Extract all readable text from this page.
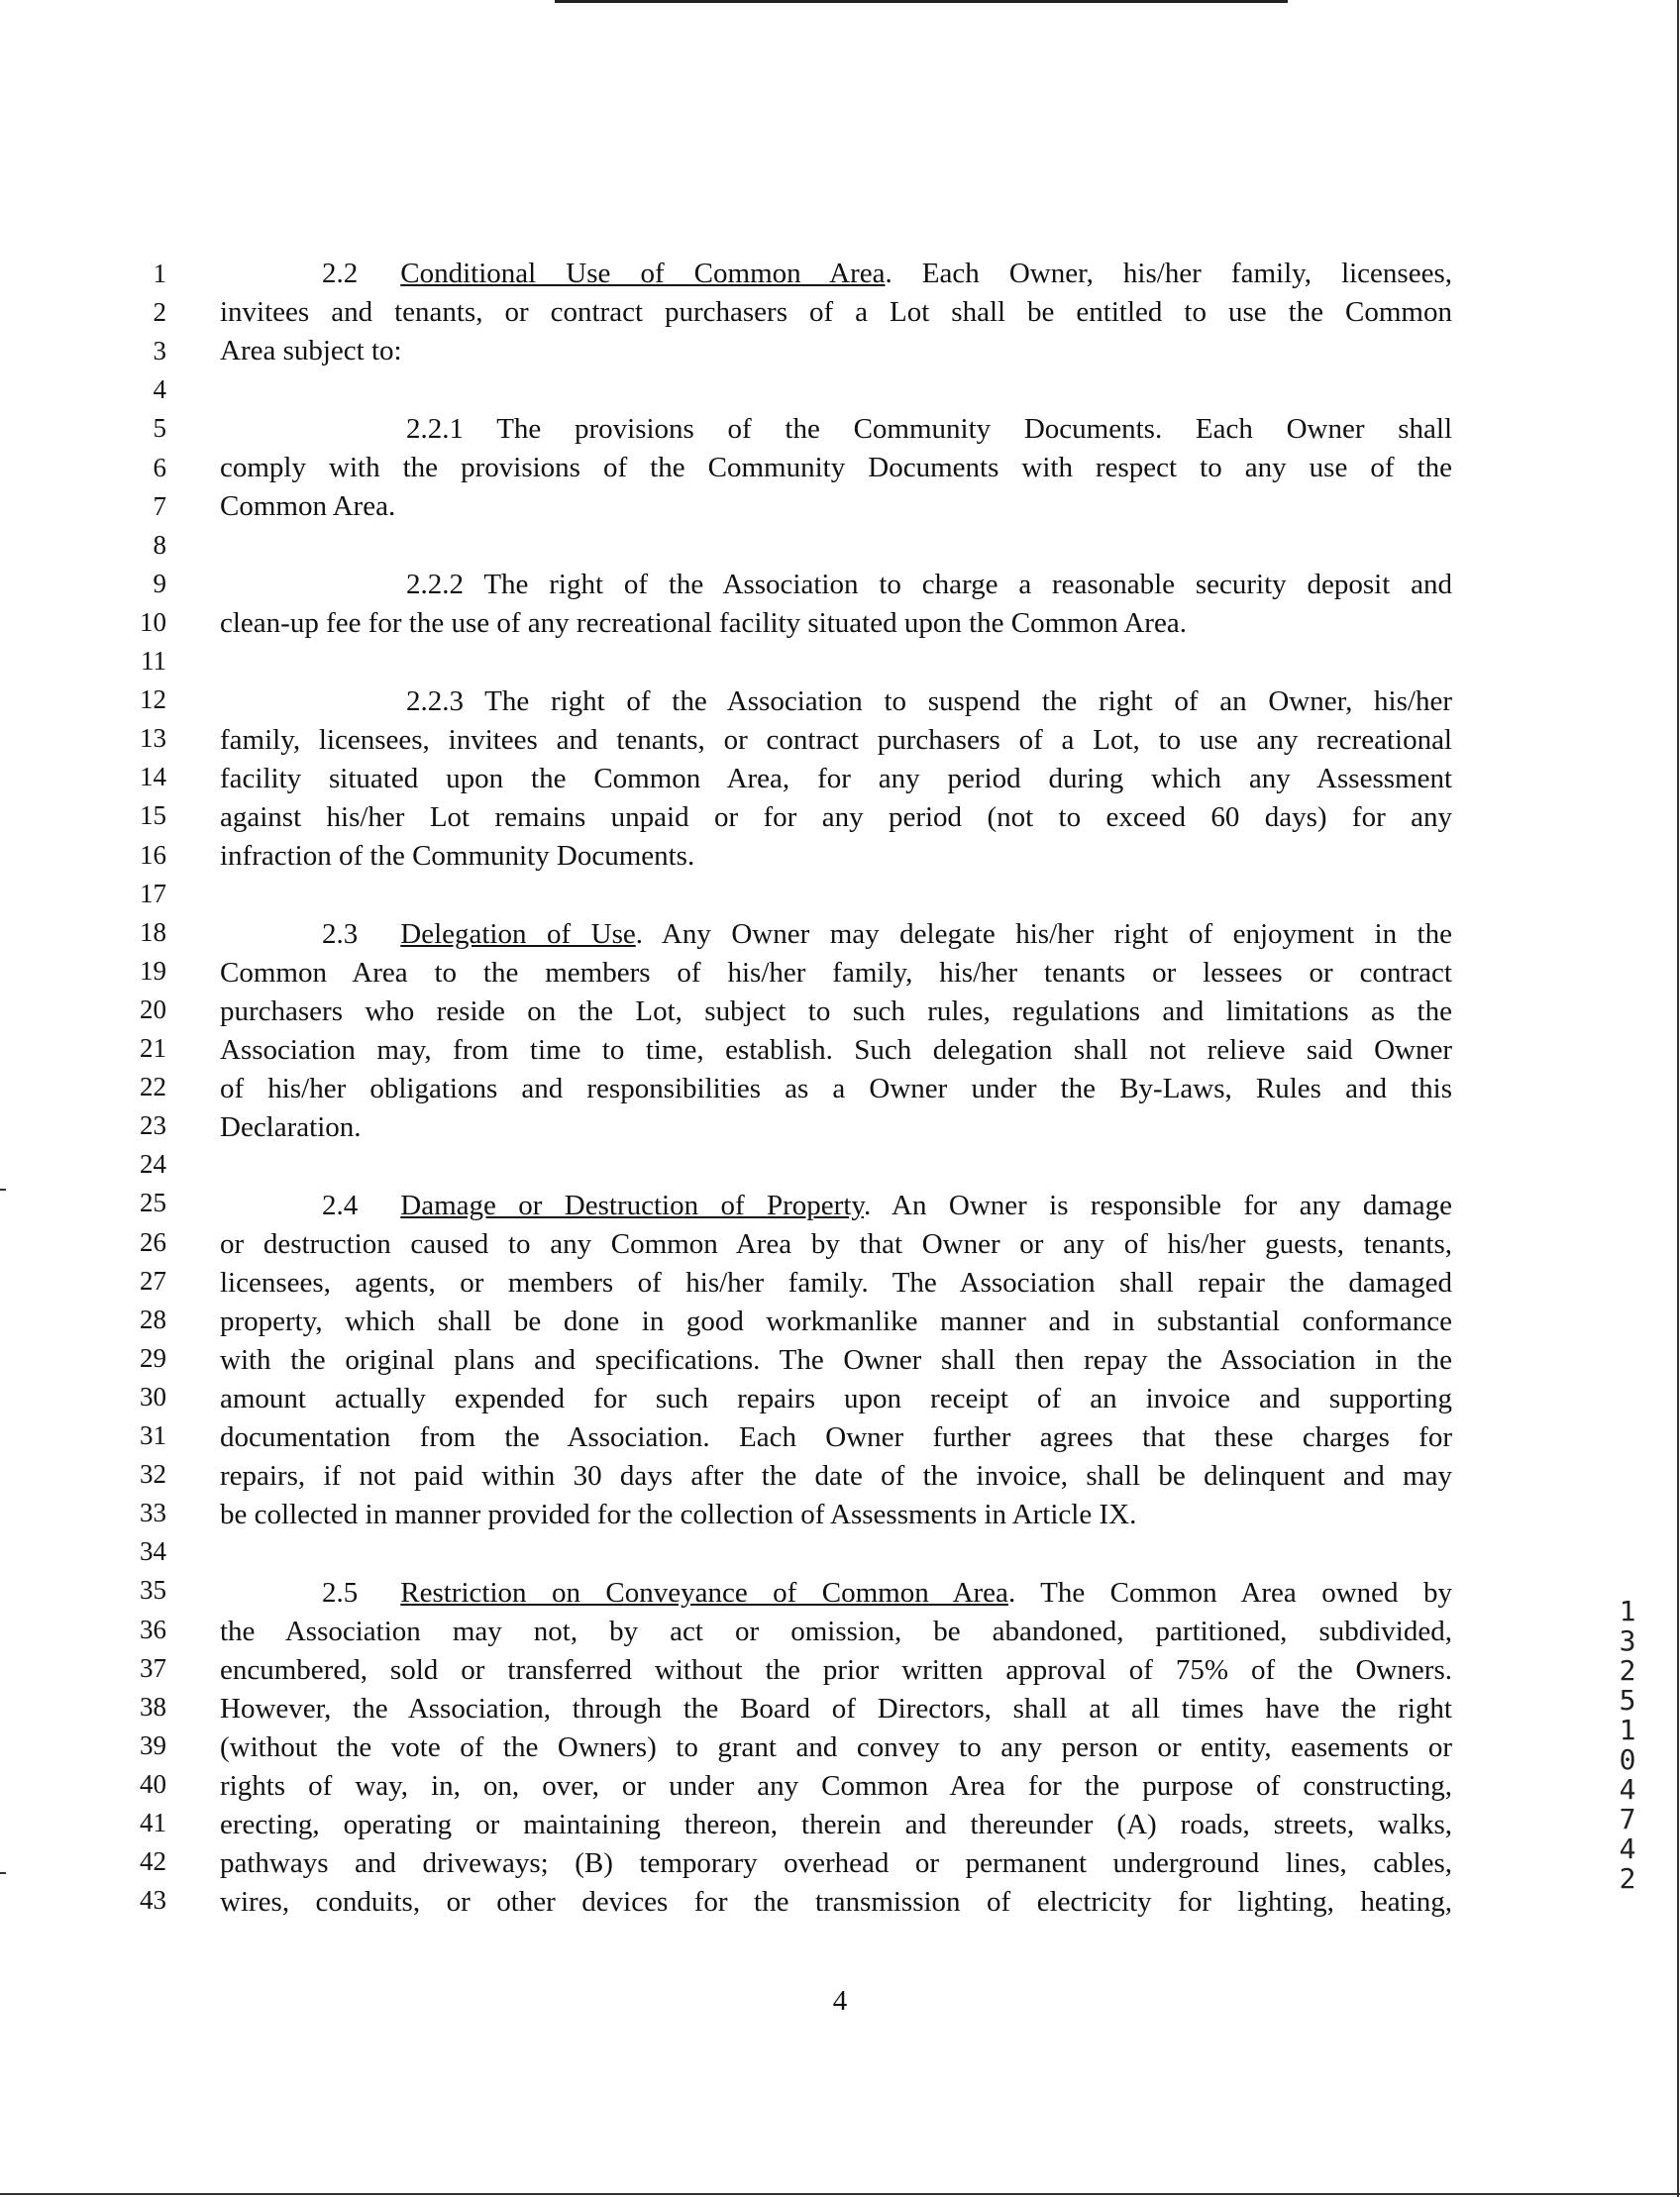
1
2
3
4
5
6
7
8
9
10
11
12
13
14
15
16
17
18
19
20
21
22
23
24
25
26
27
28
29
30
31
32
33
34
35
36
37
38
39
40
41
42
43
2.2 Conditional Use of Common Area. Each Owner, his/her family, licensees,
invitees and tenants, or contract purchasers of a Lot shall be entitled to use the Common
Area subject to:
2.2.1 The provisions of the Community Documents. Each Owner shall
comply with the provisions of the Community Documents with respect to any use of the
Common Area.
2.2.2 The right of the Association to charge a reasonable security deposit and
clean-up fee for the use of any recreational facility situated upon the Common Area.
2.2.3 The right of the Association to suspend the right of an Owner, his/her
family, licensees, invitees and tenants, or contract purchasers of a Lot, to use any recreational
facility situated upon the Common Area, for any period during which any Assessment
against his/her Lot remains unpaid or for any period (not to exceed 60 days) for any
infraction of the Community Documents.
2.3 Delegation of Use. Any Owner may delegate his/her right of enjoyment in the
Common Area to the members of his/her family, his/her tenants or lessees or contract
purchasers who reside on the Lot, subject to such rules, regulations and limitations as the
Association may, from time to time, establish. Such delegation shall not relieve said Owner
of his/her obligations and responsibilities as a Owner under the By-Laws, Rules and this
Declaration.
2.4 Damage or Destruction of Property. An Owner is responsible for any damage
or destruction caused to any Common Area by that Owner or any of his/her guests, tenants,
licensees, agents, or members of his/her family. The Association shall repair the damaged
property, which shall be done in good workmanlike manner and in substantial conformance
with the original plans and specifications. The Owner shall then repay the Association in the
amount actually expended for such repairs upon receipt of an invoice and supporting
documentation from the Association. Each Owner further agrees that these charges for
repairs, if not paid within 30 days after the date of the invoice, shall be delinquent and may
be collected in manner provided for the collection of Assessments in Article IX.
2.5 Restriction on Conveyance of Common Area. The Common Area owned by
the Association may not, by act or omission, be abandoned, partitioned, subdivided,
encumbered, sold or transferred without the prior written approval of 75% of the Owners.
However, the Association, through the Board of Directors, shall at all times have the right
(without the vote of the Owners) to grant and convey to any person or entity, easements or
rights of way, in, on, over, or under any Common Area for the purpose of constructing,
erecting, operating or maintaining thereon, therein and thereunder (A) roads, streets, walks,
pathways and driveways; (B) temporary overhead or permanent underground lines, cables,
wires, conduits, or other devices for the transmission of electricity for lighting, heating,
1
3
2
5
1
0
4
7
4
2
4
